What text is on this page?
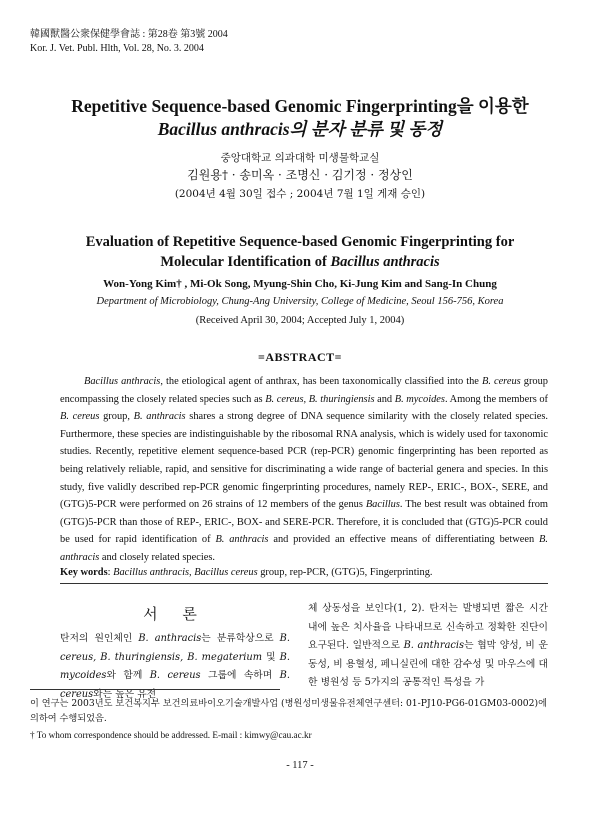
韓國獸醫公衆保健學會誌 : 第28卷 第3號 2004
Kor. J. Vet. Publ. Hlth, Vol. 28, No. 3. 2004
Repetitive Sequence-based Genomic Fingerprinting을 이용한
Bacillus anthracis의 분자 분류 및 동정
중앙대학교 의과대학 미생물학교실
김원용† · 송미옥 · 조명신 · 김기정 · 정상인
(2004년 4월 30일 접수 ; 2004년 7월 1일 게재 승인)
Evaluation of Repetitive Sequence-based Genomic Fingerprinting for
Molecular Identification of Bacillus anthracis
Won-Yong Kim† , Mi-Ok Song, Myung-Shin Cho, Ki-Jung Kim and Sang-In Chung
Department of Microbiology, Chung-Ang University, College of Medicine, Seoul 156-756, Korea
(Received April 30, 2004; Accepted July 1, 2004)
=ABSTRACT=
Bacillus anthracis, the etiological agent of anthrax, has been taxonomically classified into the B. cereus group encompassing the closely related species such as B. cereus, B. thuringiensis and B. mycoides. Among the members of B. cereus group, B. anthracis shares a strong degree of DNA sequence similarity with the closely related species. Furthermore, these species are indistinguishable by the ribosomal RNA analysis, which is widely used for taxonomic studies. Recently, repetitive element sequence-based PCR (rep-PCR) genomic fingerprinting has been reported as being relatively reliable, rapid, and sensitive for discriminating a wide range of bacterial genera and species. In this study, five validly described rep-PCR genomic fingerprinting procedures, namely REP-, ERIC-, BOX-, SERE, and (GTG)5-PCR were performed on 26 strains of 12 members of the genus Bacillus. The best result was obtained from (GTG)5-PCR than those of REP-, ERIC-, BOX- and SERE-PCR. Therefore, it is concluded that (GTG)5-PCR could be used for rapid identification of B. anthracis and provided an effective means of differentiating between B. anthracis and closely related species.
Key words: Bacillus anthracis, Bacillus cereus group, rep-PCR, (GTG)5, Fingerprinting.
서 론
탄저의 원인체인 B. anthracis는 분류학상으로 B. cereus, B. thuringiensis, B. megaterium 및 B. mycoides와 함께 B. cereus 그룹에 속하며 B. cereus와는 높은 유전
체 상동성을 보인다(1, 2). 탄저는 발병되면 짧은 시간 내에 높은 치사율을 나타내므로 신속하고 정확한 진단이 요구된다. 일반적으로 B. anthracis는 협막 양성, 비 운동성, 비 용혈성, 페니실린에 대한 감수성 및 마우스에 대한 병원성 등 5가지의 공통적인 특성을 가
이 연구는 2003년도 보건복지부 보건의료바이오기술개발사업 (병원성미생물유전체연구센터: 01-PJ10-PG6-01GM03-0002)에 의하여 수행되었음.
† To whom correspondence should be addressed. E-mail : kimwy@cau.ac.kr
- 117 -
